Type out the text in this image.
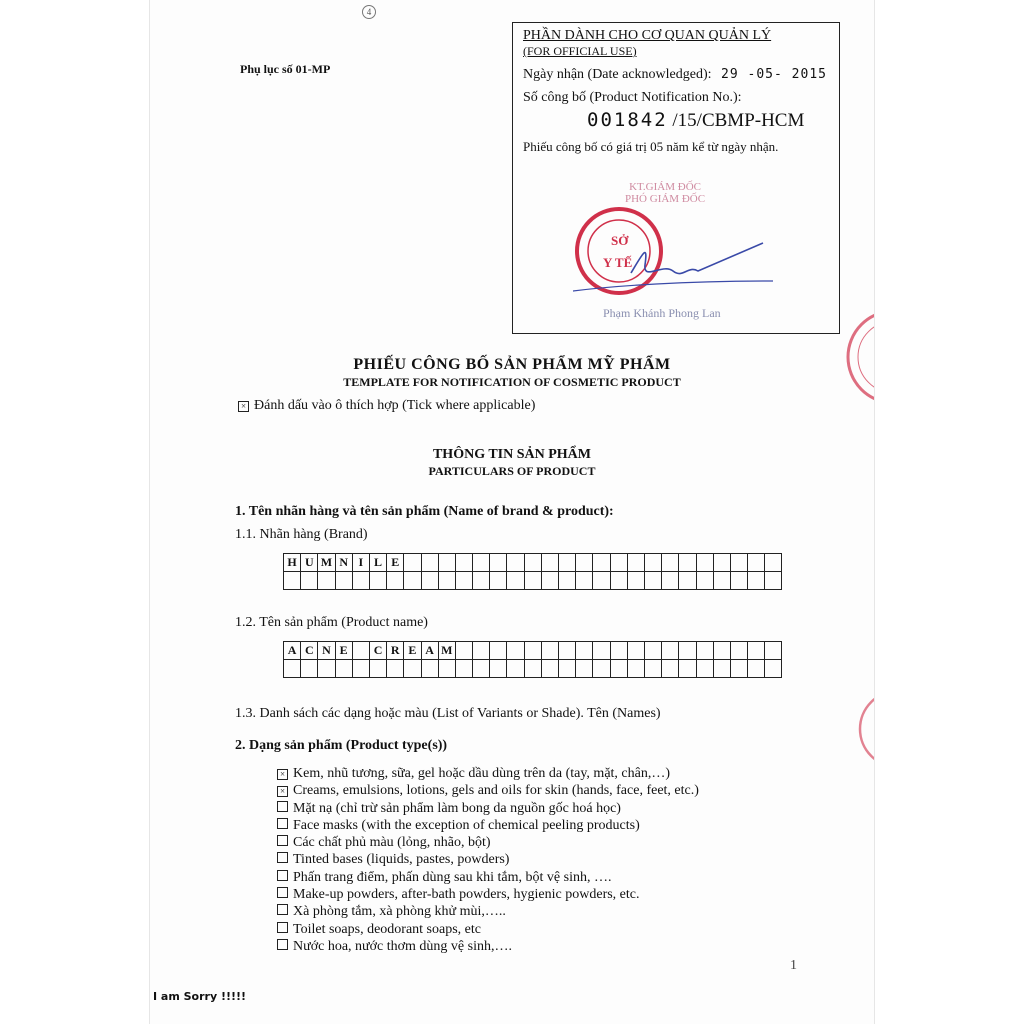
4
Phụ lục số 01-MP
PHẦN DÀNH CHO CƠ QUAN QUẢN LÝ
(FOR OFFICIAL USE)
Ngày nhận (Date acknowledged): 29 -05- 2015
Số công bố (Product Notification No.):
001842 /15/CBMP-HCM
Phiếu công bố có giá trị 05 năm kể từ ngày nhận.
KT.GIÁM ĐỐC
PHÓ GIÁM ĐỐC
SỞ
Y TẾ
Phạm Khánh Phong Lan
PHIẾU CÔNG BỐ SẢN PHẨM MỸ PHẨM
TEMPLATE FOR NOTIFICATION OF COSMETIC PRODUCT
× Đánh dấu vào ô thích hợp (Tick where applicable)
THÔNG TIN SẢN PHẨM
PARTICULARS OF PRODUCT
1. Tên nhãn hàng và tên sản phẩm (Name of brand & product):
1.1. Nhãn hàng (Brand)
H	U	M	N	I	L	E																						

1.2. Tên sản phẩm (Product name)
A	C	N	E		C	R	E	A	M																			

1.3. Danh sách các dạng hoặc màu (List of Variants or Shade). Tên (Names)
2. Dạng sản phẩm (Product type(s))
× Kem, nhũ tương, sữa, gel hoặc dầu dùng trên da (tay, mặt, chân,…)
× Creams, emulsions, lotions, gels and oils for skin (hands, face, feet, etc.)
Mặt nạ (chỉ trừ sản phẩm làm bong da nguồn gốc hoá học)
Face masks (with the exception of chemical peeling products)
Các chất phủ màu (lỏng, nhão, bột)
Tinted bases (liquids, pastes, powders)
Phấn trang điểm, phấn dùng sau khi tắm, bột vệ sinh, ….
Make-up powders, after-bath powders, hygienic powders, etc.
Xà phòng tắm, xà phòng khử mùi,…..
Toilet soaps, deodorant soaps, etc
Nước hoa, nước thơm dùng vệ sinh,….
1
I am Sorry !!!!!
